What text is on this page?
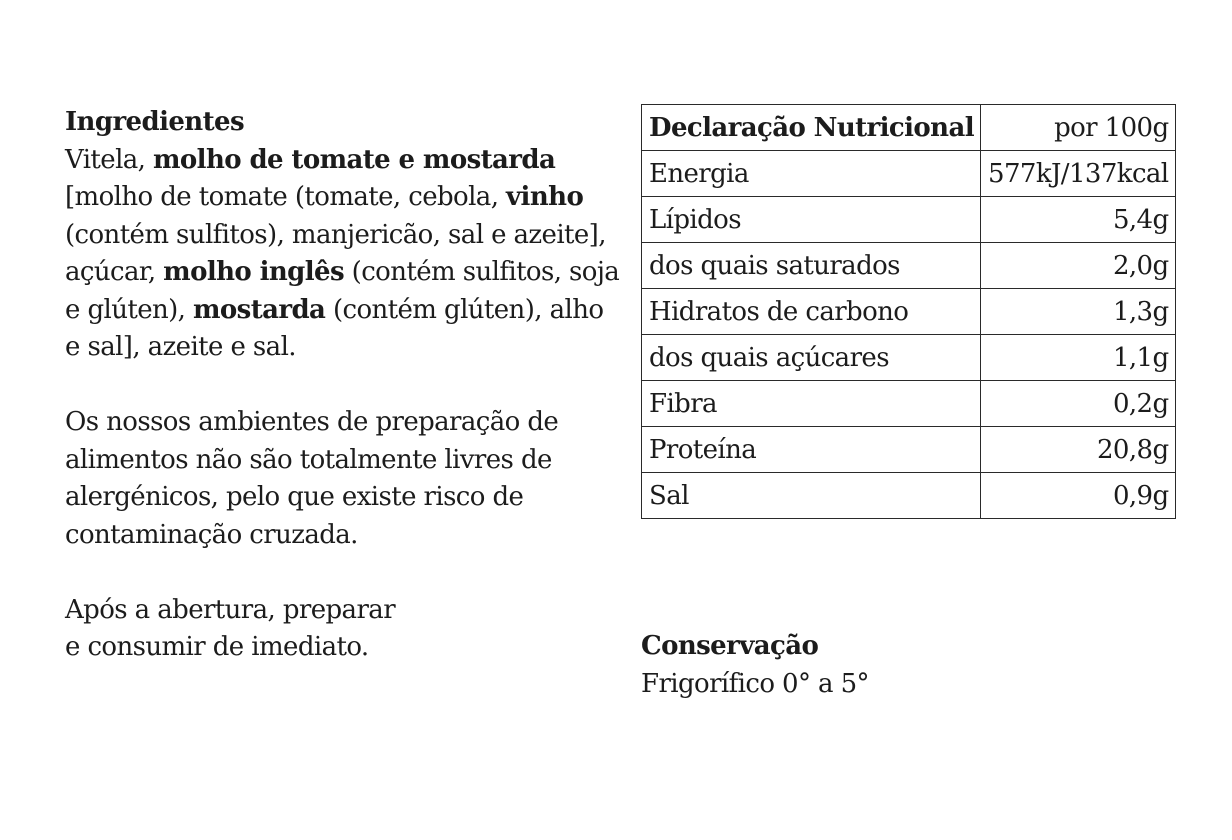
Ingredientes

Vitela, molho de tomate e mostarda [molho de tomate (tomate, cebola, vinho (contém sulfitos), manjericão, sal e azeite], açúcar, molho inglês (contém sulfitos, soja e glúten), mostarda (contém glúten), alho e sal], azeite e sal.

Os nossos ambientes de preparação de alimentos não são totalmente livres de alergénicos, pelo que existe risco de contaminação cruzada.

Após a abertura, preparar e consumir de imediato.

Declaração Nutricional	por 100g
Energia	577kJ/137kcal
Lípidos	5,4g
dos quais saturados	2,0g
Hidratos de carbono	1,3g
dos quais açúcares	1,1g
Fibra	0,2g
Proteína	20,8g
Sal	0,9g

Conservação

Frigorífico 0° a 5°
